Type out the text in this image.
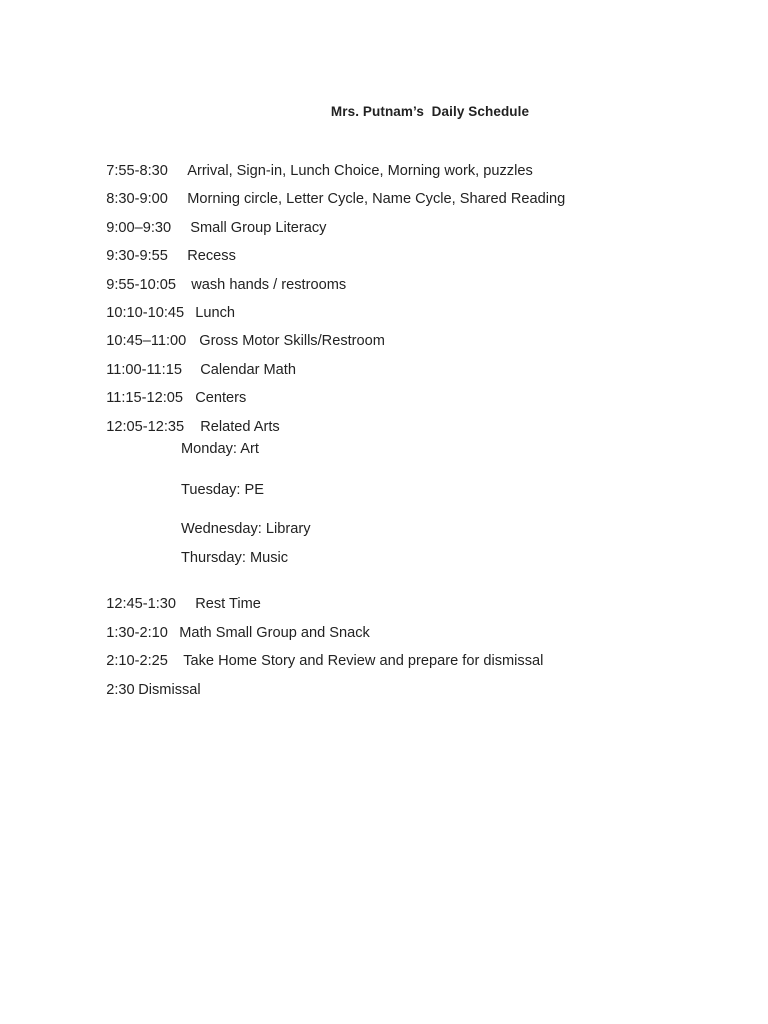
Mrs. Putnam’s  Daily Schedule

7:55-8:30 Arrival, Sign-in, Lunch Choice, Morning work, puzzles

8:30-9:00 Morning circle, Letter Cycle, Name Cycle, Shared Reading

9:00–9:30 Small Group Literacy

9:30-9:55 Recess

9:55-10:05 wash hands / restrooms

10:10-10:45 Lunch

10:45–11:00 Gross Motor Skills/Restroom

11:00-11:15 Calendar Math

11:15-12:05 Centers

12:05-12:35 Related Arts

Monday: Art
Tuesday: PE
Wednesday: Library
Thursday: Music

12:45-1:30 Rest Time

1:30-2:10 Math Small Group and Snack

2:10-2:25 Take Home Story and Review and prepare for dismissal

2:30 Dismissal
